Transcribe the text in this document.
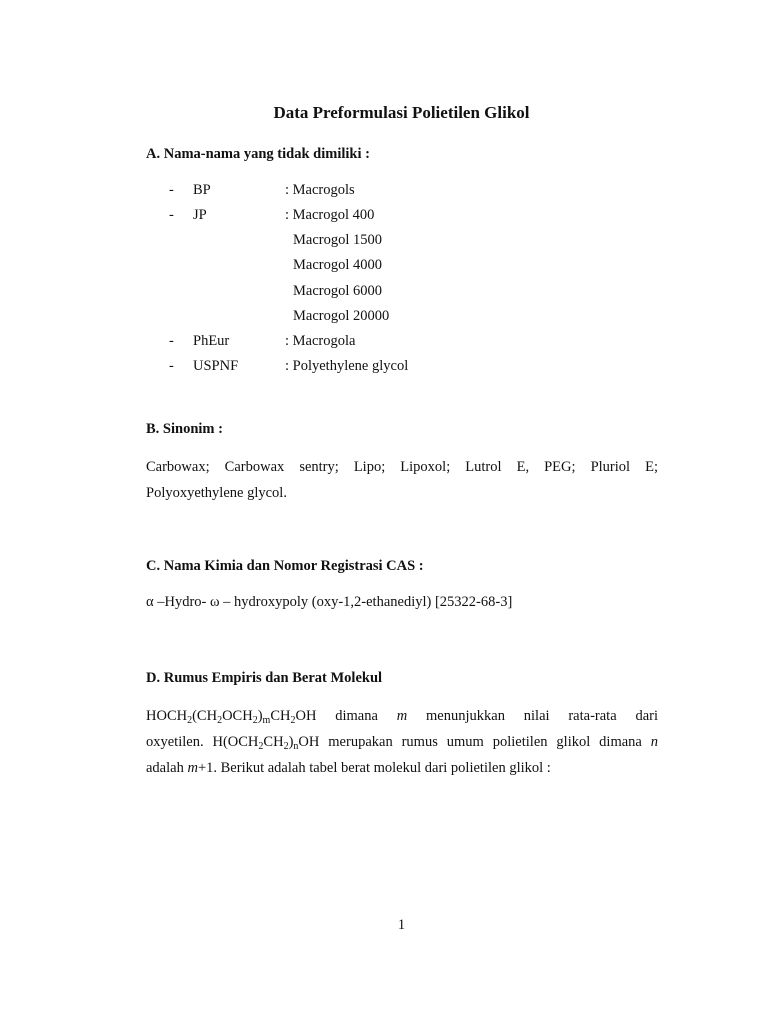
Data Preformulasi Polietilen Glikol
A. Nama-nama yang tidak dimiliki :
- BP	: Macrogols
- JP	: Macrogol 400
Macrogol 1500
Macrogol 4000
Macrogol 6000
Macrogol 20000
- PhEur	: Macrogola
- USPNF	: Polyethylene glycol
B. Sinonim :
Carbowax; Carbowax sentry; Lipo; Lipoxol; Lutrol E, PEG; Pluriol E;
Polyoxyethylene glycol.
C. Nama Kimia dan Nomor Registrasi CAS :
α –Hydro- ω – hydroxypoly (oxy-1,2-ethanediyl) [25322-68-3]
D. Rumus Empiris dan Berat Molekul
$HOCH_2(CH_2OCH_2)_mCH_2OH$ dimana m menunjukkan nilai rata-rata dari
oxyetilen. $H(OCH_2CH_2)_nOH$ merupakan rumus umum polietilen glikol dimana n
adalah m+1. Berikut adalah tabel berat molekul dari polietilen glikol :
1
